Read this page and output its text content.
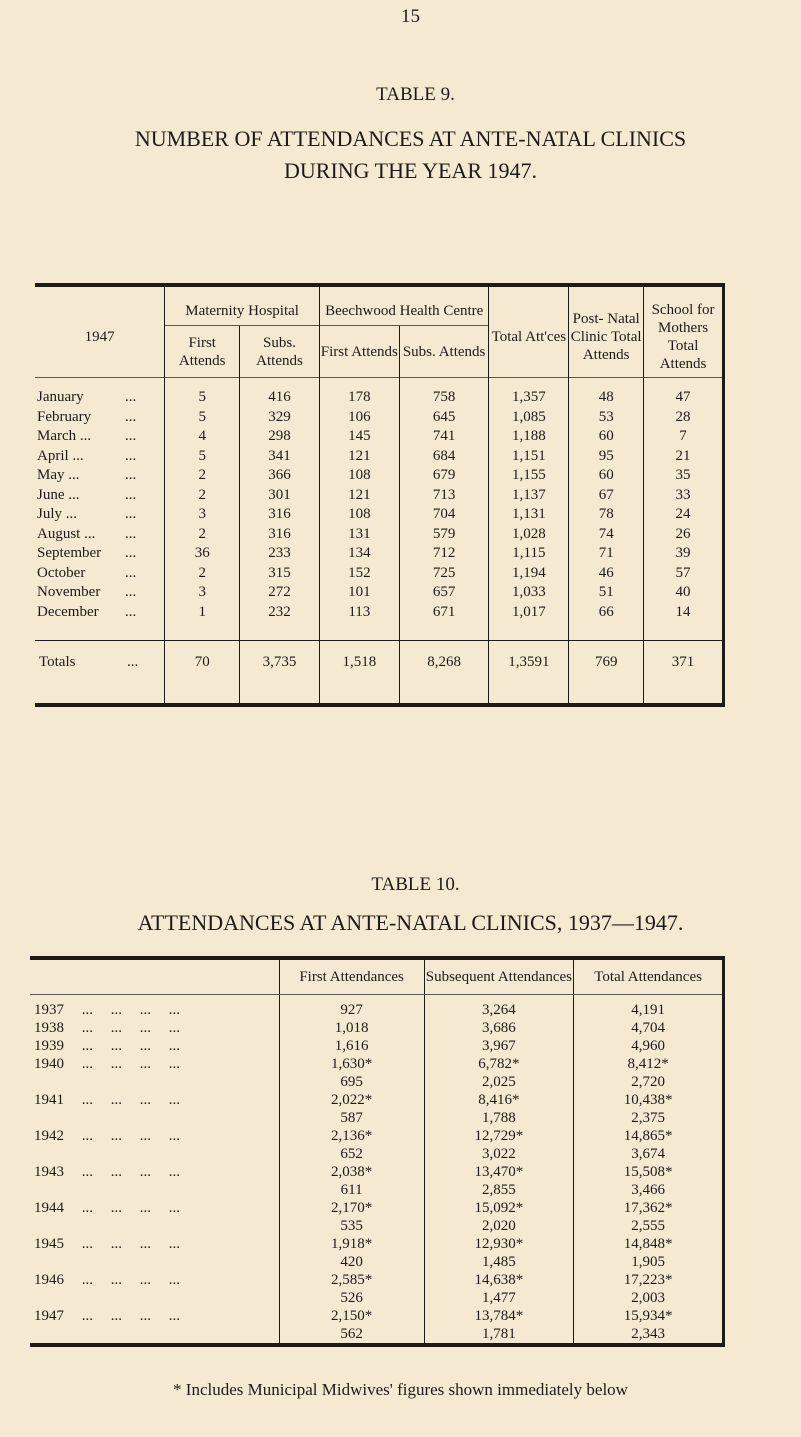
15
TABLE 9.
NUMBER OF ATTENDANCES AT ANTE-NATAL CLINICS
DURING THE YEAR 1947.
1947	Maternity Hospital		Beechwood Health Centre		Total Att'ces	Post- Natal Clinic Total Attends	School for Mothers Total Attends
	First Attends	Subs. Attends	First Attends	Subs. Attends			
January ...	5	416	178	758	1,357	48	47
February ...	5	329	106	645	1,085	53	28
March ... ...	4	298	145	741	1,188	60	7
April ... ...	5	341	121	684	1,151	95	21
May ... ...	2	366	108	679	1,155	60	35
June ... ...	2	301	121	713	1,137	67	33
July ... ...	3	316	108	704	1,131	78	24
August ... ...	2	316	131	579	1,028	74	26
September ...	36	233	134	712	1,115	71	39
October ...	2	315	152	725	1,194	46	57
November ...	3	272	101	657	1,033	51	40
December ...	1	232	113	671	1,017	66	14
Totals ...	70	3,735	1,518	8,268	1,3591	769	371
TABLE 10.
ATTENDANCES AT ANTE-NATAL CLINICS, 1937—1947.
	First Attendances	Subsequent Attendances	Total Attendances
1937 ... ... ... ...	927	3,264	4,191
1938 ... ... ... ...	1,018	3,686	4,704
1939 ... ... ... ...	1,616	3,967	4,960
1940 ... ... ... ...	1,630*	6,782*	8,412*
	695	2,025	2,720
1941 ... ... ... ...	2,022*	8,416*	10,438*
	587	1,788	2,375
1942 ... ... ... ...	2,136*	12,729*	14,865*
	652	3,022	3,674
1943 ... ... ... ...	2,038*	13,470*	15,508*
	611	2,855	3,466
1944 ... ... ... ...	2,170*	15,092*	17,362*
	535	2,020	2,555
1945 ... ... ... ...	1,918*	12,930*	14,848*
	420	1,485	1,905
1946 ... ... ... ...	2,585*	14,638*	17,223*
	526	1,477	2,003
1947 ... ... ... ...	2,150*	13,784*	15,934*
	562	1,781	2,343
* Includes Municipal Midwives' figures shown immediately below
